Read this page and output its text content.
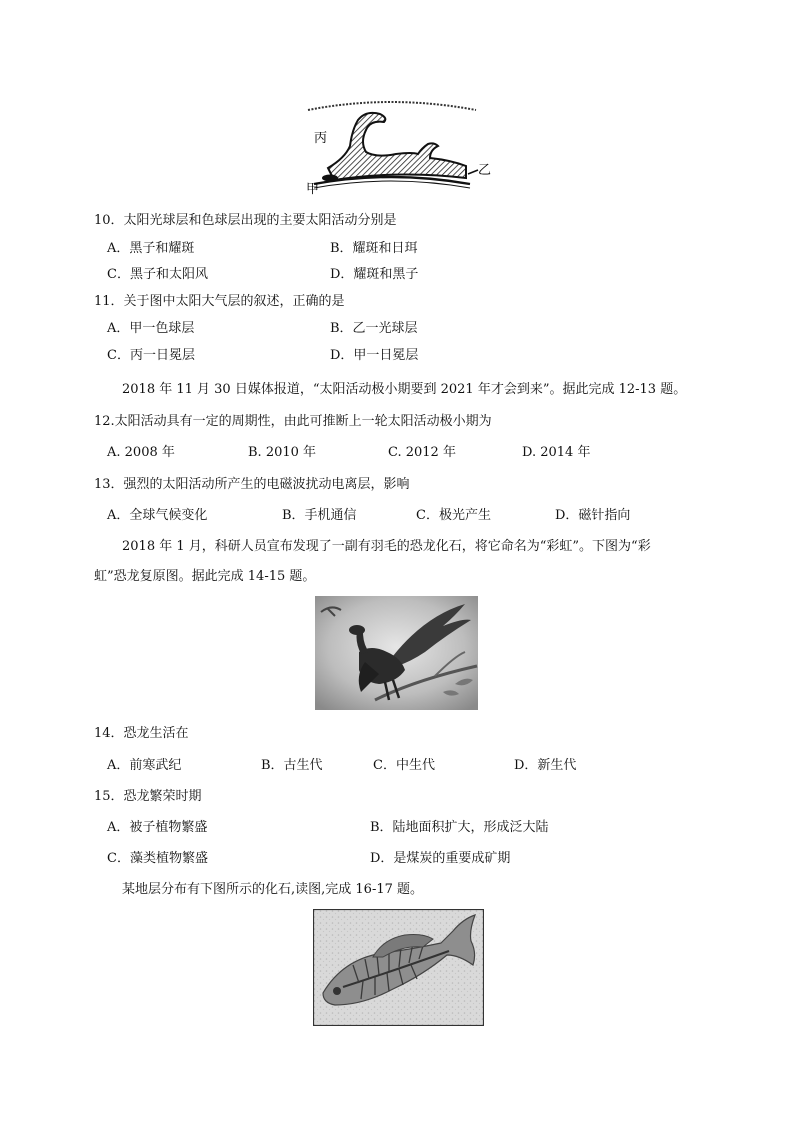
丙
乙
甲
10．太阳光球层和色球层出现的主要太阳活动分别是
A．黑子和耀斑	B．耀斑和日珥
C．黑子和太阳风	D．耀斑和黑子
11．关于图中太阳大气层的叙述，正确的是
A．甲一色球层	B．乙一光球层
C．丙一日冕层	D．甲一日冕层
2018 年 11 月 30 日媒体报道，“太阳活动极小期要到 2021 年才会到来”。据此完成 12-13 题。
12.太阳活动具有一定的周期性，由此可推断上一轮太阳活动极小期为
A. 2008 年	B. 2010 年	C. 2012 年	D. 2014 年
13．强烈的太阳活动所产生的电磁波扰动电离层，影响
A．全球气候变化	B．手机通信	C．极光产生	D．磁针指向
2018 年 1 月，科研人员宣布发现了一副有羽毛的恐龙化石，将它命名为“彩虹”。下图为“彩
虹”恐龙复原图。据此完成 14-15 题。
14．恐龙生活在
A．前寒武纪	B．古生代	C．中生代	D．新生代
15．恐龙繁荣时期
A．被子植物繁盛	B．陆地面积扩大，形成泛大陆
C．藻类植物繁盛	D．是煤炭的重要成矿期
某地层分布有下图所示的化石,读图,完成 16-17 题。
